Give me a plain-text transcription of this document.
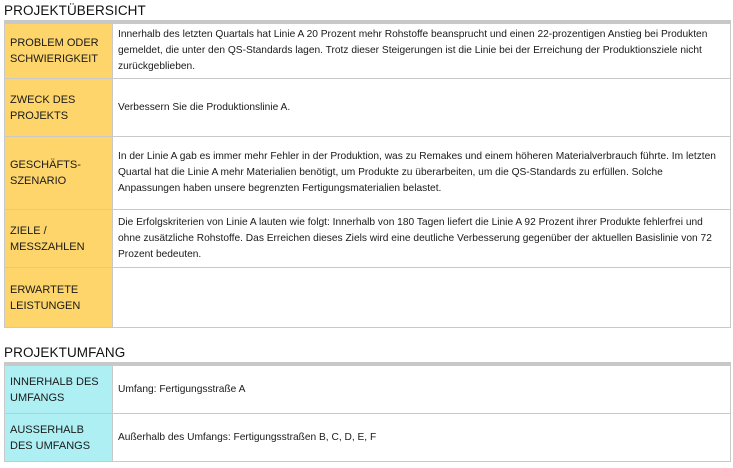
PROJEKTÜBERSICHT
PROBLEM ODER SCHWIERIGKEIT	Innerhalb des letzten Quartals hat Linie A 20 Prozent mehr Rohstoffe beansprucht und einen 22-prozentigen Anstieg bei Produkten gemeldet, die unter den QS-Standards lagen. Trotz dieser Steigerungen ist die Linie bei der Erreichung der Produktionsziele nicht zurückgeblieben.
ZWECK DES PROJEKTS	Verbessern Sie die Produktionslinie A.
GESCHÄFTS-SZENARIO	In der Linie A gab es immer mehr Fehler in der Produktion, was zu Remakes und einem höheren Materialverbrauch führte. Im letzten Quartal hat die Linie A mehr Materialien benötigt, um Produkte zu überarbeiten, um die QS-Standards zu erfüllen. Solche Anpassungen haben unsere begrenzten Fertigungsmaterialien belastet.
ZIELE / MESSZAHLEN	Die Erfolgskriterien von Linie A lauten wie folgt: Innerhalb von 180 Tagen liefert die Linie A 92 Prozent ihrer Produkte fehlerfrei und ohne zusätzliche Rohstoffe. Das Erreichen dieses Ziels wird eine deutliche Verbesserung gegenüber der aktuellen Basislinie von 72 Prozent bedeuten.
ERWARTETE LEISTUNGEN	
PROJEKTUMFANG
INNERHALB DES UMFANGS	Umfang: Fertigungsstraße A
AUSSERHALB DES UMFANGS	Außerhalb des Umfangs: Fertigungsstraßen B, C, D, E, F
